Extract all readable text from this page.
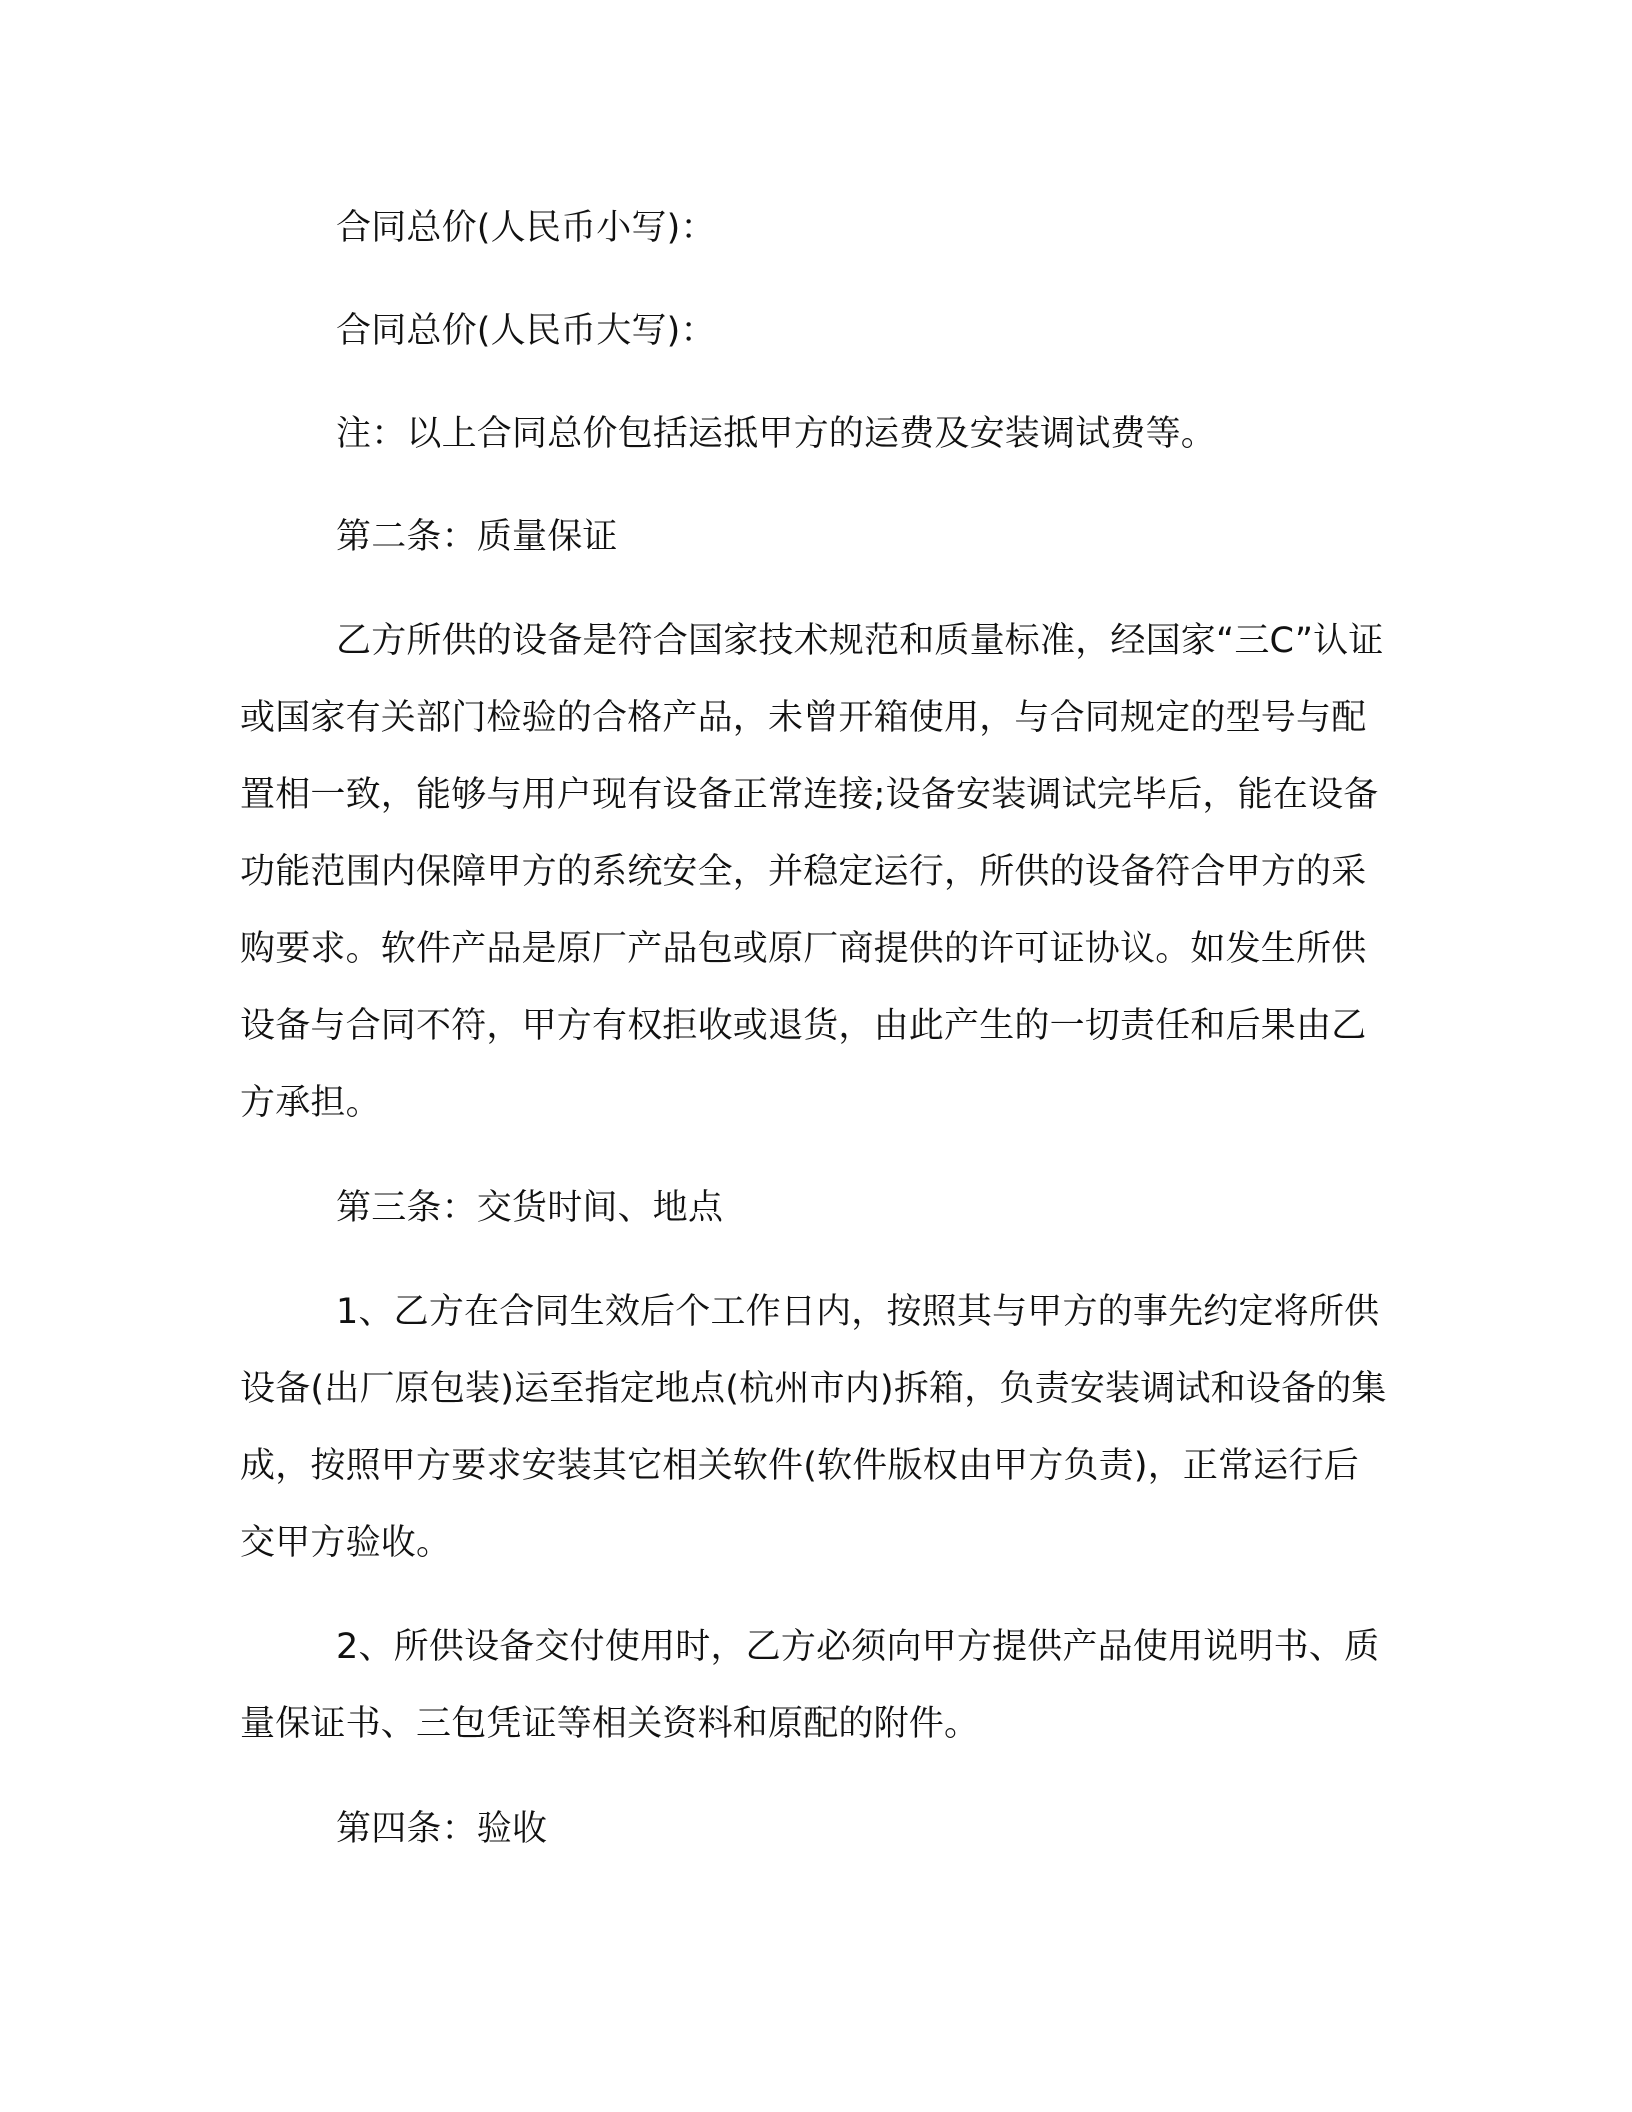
合同总价(人民币小写)：

合同总价(人民币大写)：

注：以上合同总价包括运抵甲方的运费及安装调试费等。

第二条：质量保证

乙方所供的设备是符合国家技术规范和质量标准，经国家“三C”认证或国家有关部门检验的合格产品，未曾开箱使用，与合同规定的型号与配置相一致，能够与用户现有设备正常连接;设备安装调试完毕后，能在设备功能范围内保障甲方的系统安全，并稳定运行，所供的设备符合甲方的采购要求。软件产品是原厂产品包或原厂商提供的许可证协议。如发生所供设备与合同不符，甲方有权拒收或退货，由此产生的一切责任和后果由乙方承担。

第三条：交货时间、地点

1、乙方在合同生效后个工作日内，按照其与甲方的事先约定将所供设备(出厂原包装)运至指定地点(杭州市内)拆箱，负责安装调试和设备的集成，按照甲方要求安装其它相关软件(软件版权由甲方负责)，正常运行后交甲方验收。

2、所供设备交付使用时，乙方必须向甲方提供产品使用说明书、质量保证书、三包凭证等相关资料和原配的附件。

第四条：验收
